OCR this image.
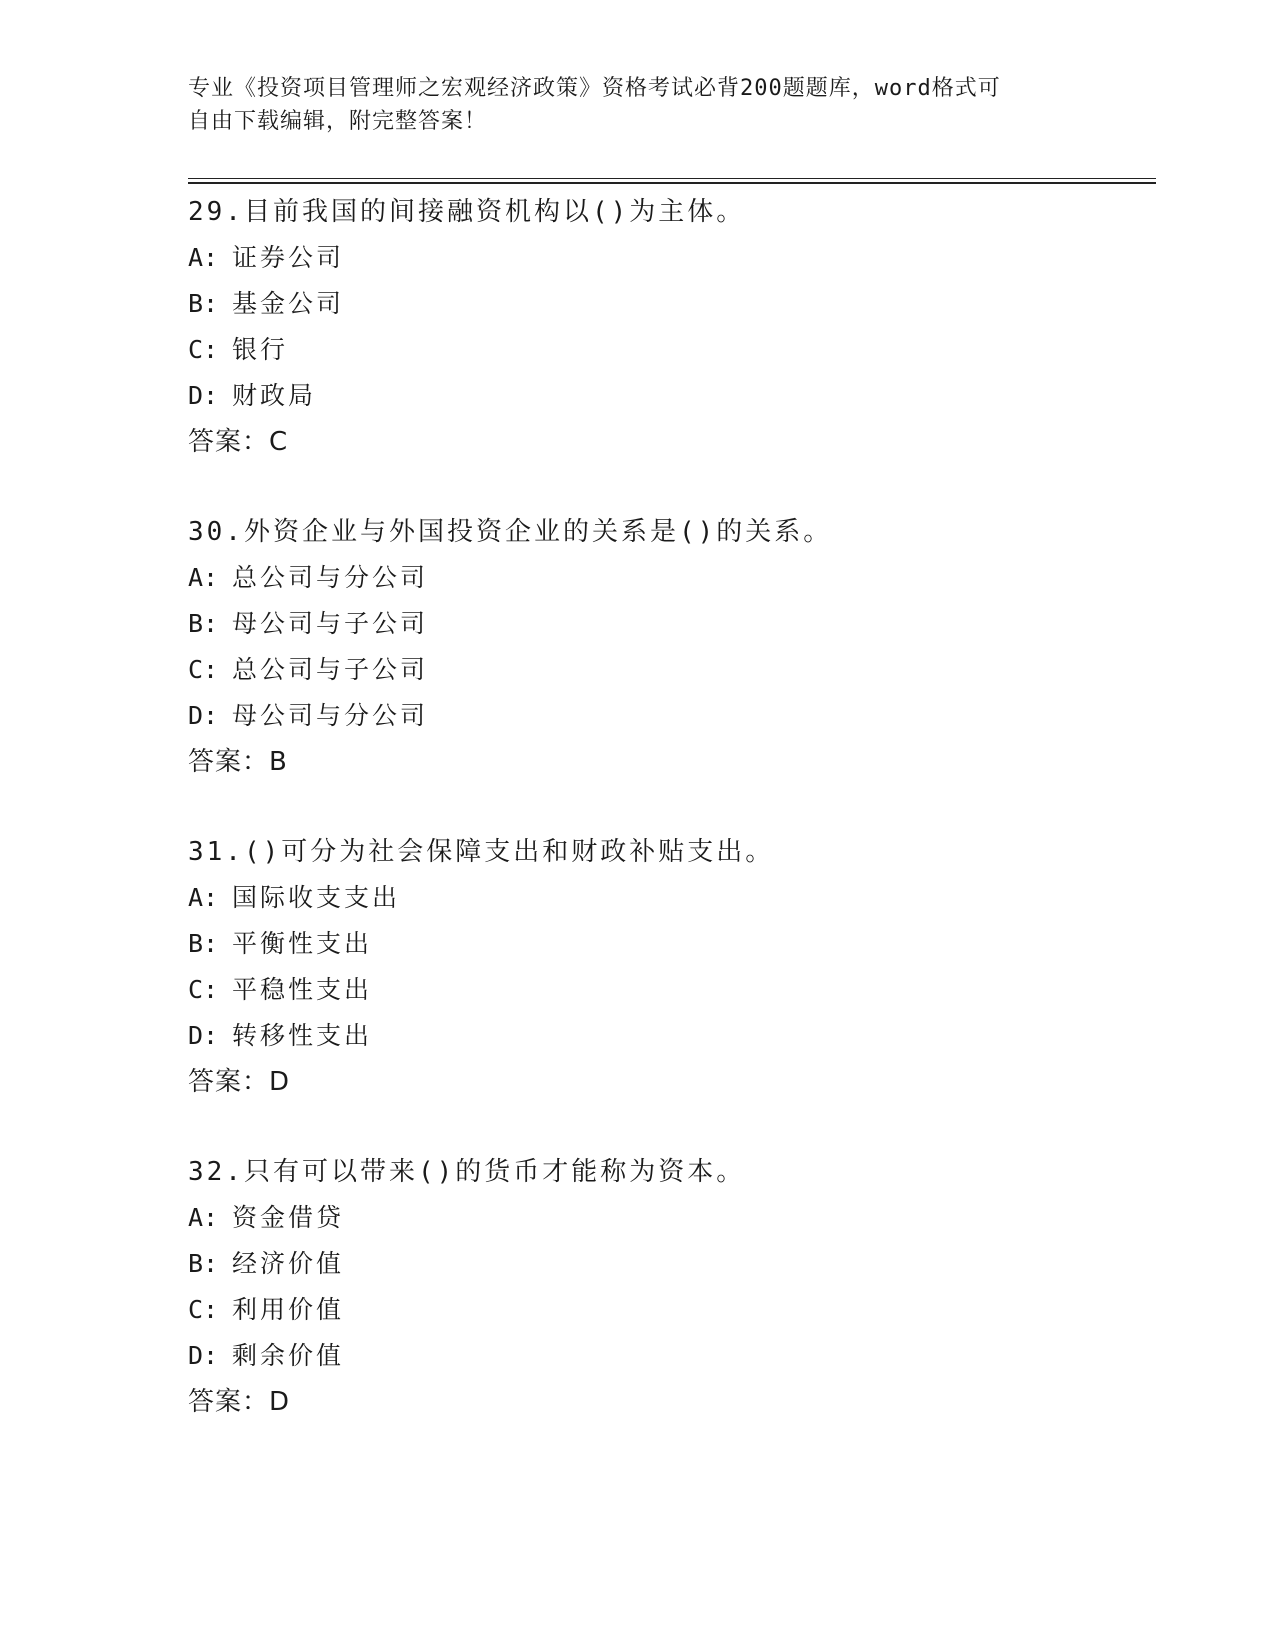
专业《投资项目管理师之宏观经济政策》资格考试必背200题题库，word格式可
自由下载编辑，附完整答案！
29.目前我国的间接融资机构以()为主体。
A: 证券公司
B: 基金公司
C: 银行
D: 财政局
答案：C
30.外资企业与外国投资企业的关系是()的关系。
A: 总公司与分公司
B: 母公司与子公司
C: 总公司与子公司
D: 母公司与分公司
答案：B
31.()可分为社会保障支出和财政补贴支出。
A: 国际收支支出
B: 平衡性支出
C: 平稳性支出
D: 转移性支出
答案：D
32.只有可以带来()的货币才能称为资本。
A: 资金借贷
B: 经济价值
C: 利用价值
D: 剩余价值
答案：D
